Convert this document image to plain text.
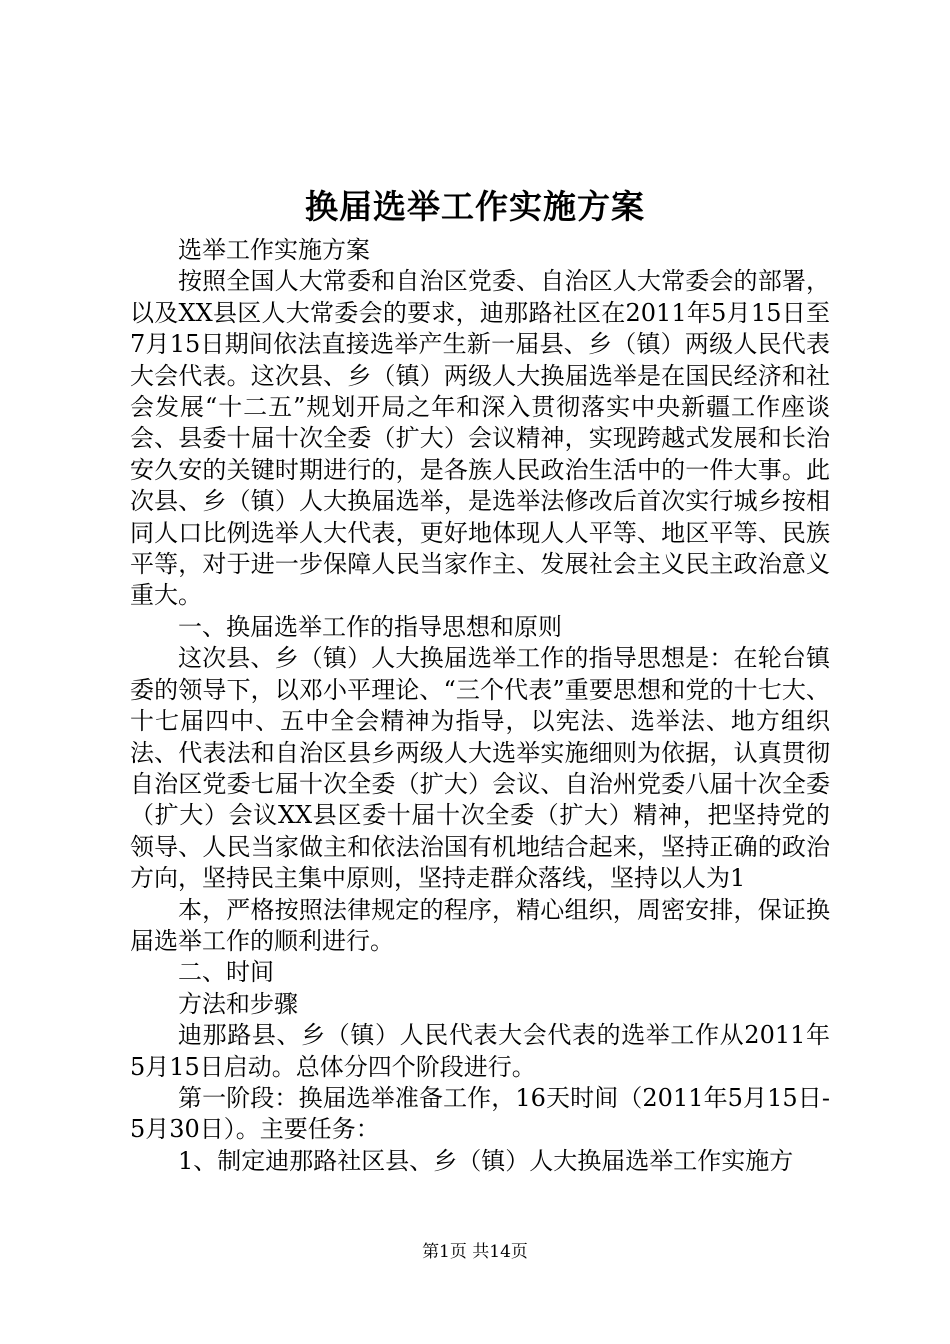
换届选举工作实施方案

选举工作实施方案

按照全国人大常委和自治区党委、自治区人大常委会的部署，以及XX县区人大常委会的要求，迪那路社区在2011年5月15日至7月15日期间依法直接选举产生新一届县、乡（镇）两级人民代表大会代表。这次县、乡（镇）两级人大换届选举是在国民经济和社会发展“十二五”规划开局之年和深入贯彻落实中央新疆工作座谈会、县委十届十次全委（扩大）会议精神，实现跨越式发展和长治安久安的关键时期进行的，是各族人民政治生活中的一件大事。此次县、乡（镇）人大换届选举，是选举法修改后首次实行城乡按相同人口比例选举人大代表，更好地体现人人平等、地区平等、民族平等，对于进一步保障人民当家作主、发展社会主义民主政治意义重大。

一、换届选举工作的指导思想和原则

这次县、乡（镇）人大换届选举工作的指导思想是：在轮台镇委的领导下，以邓小平理论、“三个代表”重要思想和党的十七大、十七届四中、五中全会精神为指导，以宪法、选举法、地方组织法、代表法和自治区县乡两级人大选举实施细则为依据，认真贯彻自治区党委七届十次全委（扩大）会议、自治州党委八届十次全委（扩大）会议XX县区委十届十次全委（扩大）精神，把坚持党的领导、人民当家做主和依法治国有机地结合起来，坚持正确的政治方向，坚持民主集中原则，坚持走群众落线，坚持以人为1

本，严格按照法律规定的程序，精心组织，周密安排，保证换届选举工作的顺利进行。

二、时间

方法和步骤

迪那路县、乡（镇）人民代表大会代表的选举工作从2011年5月15日启动。总体分四个阶段进行。

第一阶段：换届选举准备工作，16天时间（2011年5月15日-5月30日）。主要任务：

1、制定迪那路社区县、乡（镇）人大换届选举工作实施方

第1页 共14页
